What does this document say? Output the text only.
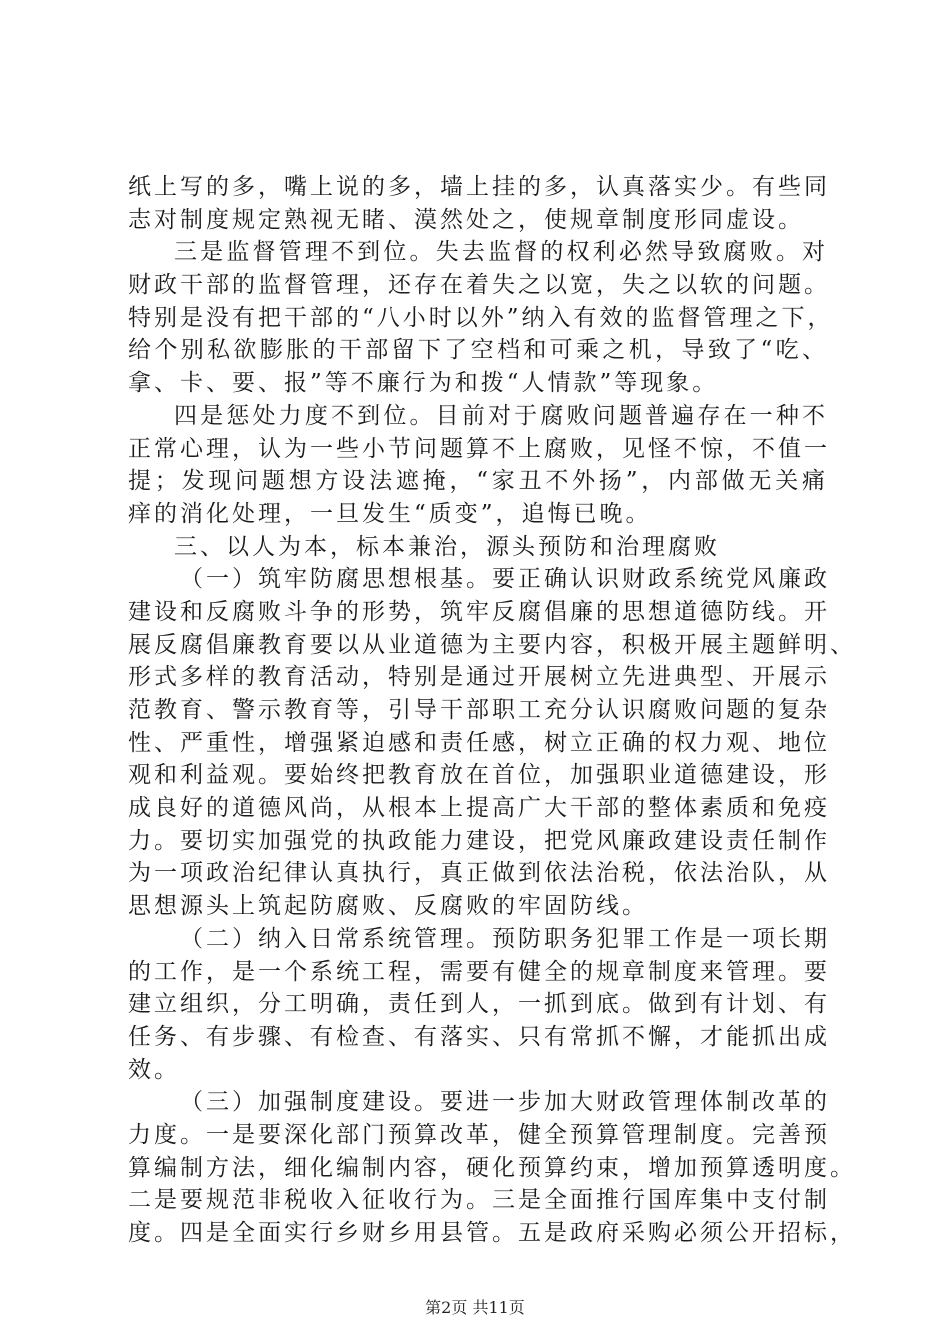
纸上写的多，嘴上说的多，墙上挂的多，认真落实少。有些同
志对制度规定熟视无睹、漠然处之，使规章制度形同虚设。
三是监督管理不到位。失去监督的权利必然导致腐败。对
财政干部的监督管理，还存在着失之以宽，失之以软的问题。
特别是没有把干部的“八小时以外”纳入有效的监督管理之下，
给个别私欲膨胀的干部留下了空档和可乘之机，导致了“吃、
拿、卡、要、报”等不廉行为和拨“人情款”等现象。
四是惩处力度不到位。目前对于腐败问题普遍存在一种不
正常心理，认为一些小节问题算不上腐败，见怪不惊，不值一
提；发现问题想方设法遮掩，“家丑不外扬”，内部做无关痛
痒的消化处理，一旦发生“质变”，追悔已晚。
三、以人为本，标本兼治，源头预防和治理腐败
（一）筑牢防腐思想根基。要正确认识财政系统党风廉政
建设和反腐败斗争的形势，筑牢反腐倡廉的思想道德防线。开
展反腐倡廉教育要以从业道德为主要内容，积极开展主题鲜明、
形式多样的教育活动，特别是通过开展树立先进典型、开展示
范教育、警示教育等，引导干部职工充分认识腐败问题的复杂
性、严重性，增强紧迫感和责任感，树立正确的权力观、地位
观和利益观。要始终把教育放在首位，加强职业道德建设，形
成良好的道德风尚，从根本上提高广大干部的整体素质和免疫
力。要切实加强党的执政能力建设，把党风廉政建设责任制作
为一项政治纪律认真执行，真正做到依法治税，依法治队，从
思想源头上筑起防腐败、反腐败的牢固防线。
（二）纳入日常系统管理。预防职务犯罪工作是一项长期
的工作，是一个系统工程，需要有健全的规章制度来管理。要
建立组织，分工明确，责任到人，一抓到底。做到有计划、有
任务、有步骤、有检查、有落实、只有常抓不懈，才能抓出成
效。
（三）加强制度建设。要进一步加大财政管理体制改革的
力度。一是要深化部门预算改革，健全预算管理制度。完善预
算编制方法，细化编制内容，硬化预算约束，增加预算透明度。
二是要规范非税收入征收行为。三是全面推行国库集中支付制
度。四是全面实行乡财乡用县管。五是政府采购必须公开招标，
第2页 共11页
